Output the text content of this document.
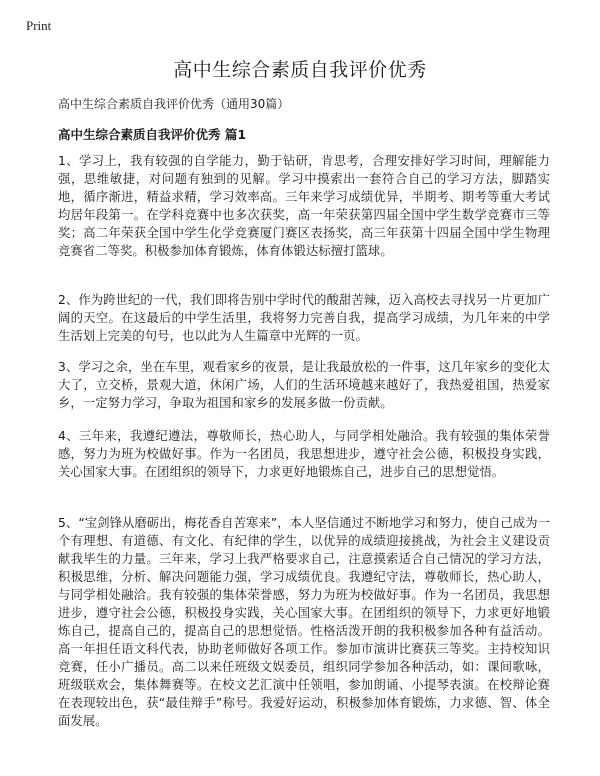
Print
高中生综合素质自我评价优秀

高中生综合素质自我评价优秀（通用30篇）

高中生综合素质自我评价优秀 篇1

1、学习上，我有较强的自学能力，勤于钻研，肯思考，合理安排好学习时间，理解能力强，思维敏捷，对问题有独到的见解。学习中摸索出一套符合自己的学习方法，脚踏实地，循序渐进，精益求精，学习效率高。三年来学习成绩优异，半期考、期考等重大考试均居年段第一。在学科竞赛中也多次获奖，高一年荣获第四届全国中学生数学竞赛市三等奖；高二年荣获全国中学生化学竞赛厦门赛区表扬奖，高三年获第十四届全国中学生物理竞赛省二等奖。积极参加体育锻炼，体育体锻达标擅打篮球。

2、作为跨世纪的一代，我们即将告别中学时代的酸甜苦辣，迈入高校去寻找另一片更加广阔的天空。在这最后的中学生活里，我将努力完善自我，提高学习成绩，为几年来的中学生活划上完美的句号，也以此为人生篇章中光辉的一页。

3、学习之余，坐在车里，观看家乡的夜景，是让我最放松的一件事，这几年家乡的变化太大了，立交桥，景观大道，休闲广场，人们的生活环境越来越好了，我热爱祖国，热爱家乡，一定努力学习，争取为祖国和家乡的发展多做一份贡献。

4、三年来，我遵纪遵法，尊敬师长，热心助人，与同学相处融洽。我有较强的集体荣誉感，努力为班为校做好事。作为一名团员，我思想进步，遵守社会公德，积极投身实践，关心国家大事。在团组织的领导下，力求更好地锻炼自己，进步自己的思想觉悟。

5、“宝剑锋从磨砺出，梅花香自苦寒来”，本人坚信通过不断地学习和努力，使自己成为一个有理想、有道德、有文化、有纪律的学生，以优异的成绩迎接挑战，为社会主义建设贡献我毕生的力量。三年来，学习上我严格要求自己，注意摸索适合自己情况的学习方法，积极思维，分析、解决问题能力强，学习成绩优良。我遵纪守法，尊敬师长，热心助人，与同学相处融洽。我有较强的集体荣誉感，努力为班为校做好事。作为一名团员，我思想进步，遵守社会公德，积极投身实践，关心国家大事。在团组织的领导下，力求更好地锻炼自己，提高自己的，提高自己的思想觉悟。性格活泼开朗的我积极参加各种有益活动。高一年担任语文科代表，协助老师做好各项工作。参加市演讲比赛获三等奖。主持校知识竞赛，任小广播员。高二以来任班级文娱委员，组织同学参加各种活动，如：课间歌咏，班级联欢会，集体舞赛等。在校文艺汇演中任领唱，参加朗诵、小提琴表演。在校辩论赛在表现较出色，获“最佳辩手”称号。我爱好运动，积极参加体育锻炼，力求德、智、体全面发展。
